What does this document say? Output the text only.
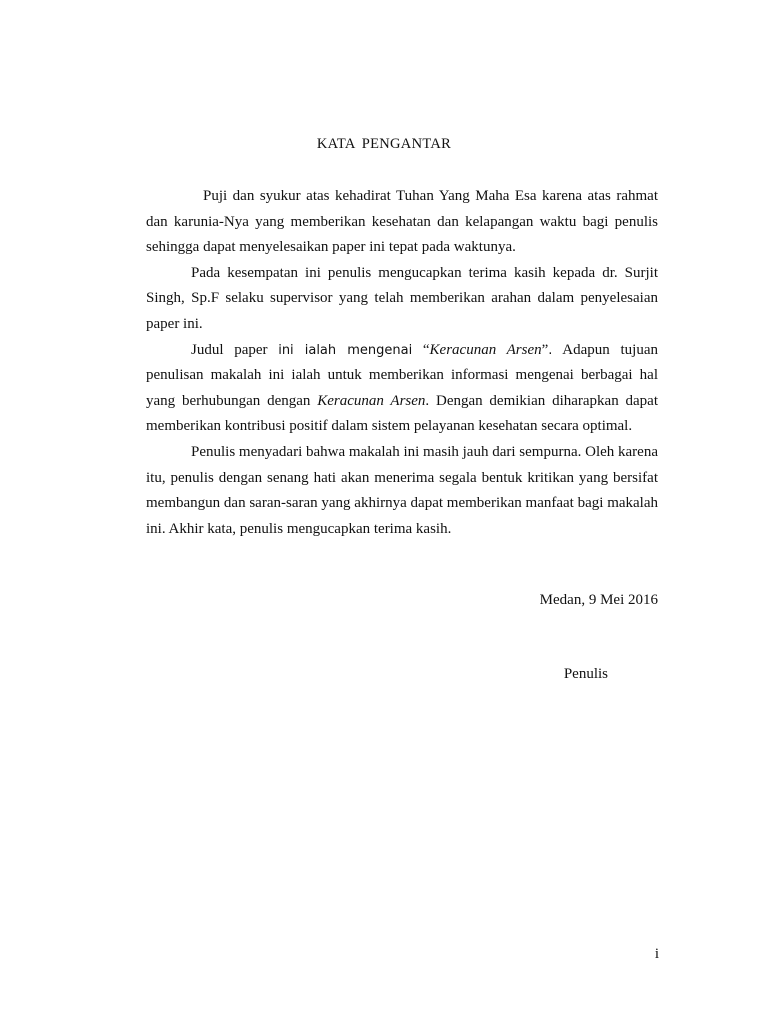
KATA PENGANTAR

Puji dan syukur atas kehadirat Tuhan Yang Maha Esa karena atas rahmat dan karunia-Nya yang memberikan kesehatan dan kelapangan waktu bagi penulis sehingga dapat menyelesaikan paper ini tepat pada waktunya.

Pada kesempatan ini penulis mengucapkan terima kasih kepada dr. Surjit Singh, Sp.F selaku supervisor yang telah memberikan arahan dalam penyelesaian paper ini.

Judul paper ini ialah mengenai “Keracunan Arsen”. Adapun tujuan penulisan makalah ini ialah untuk memberikan informasi mengenai berbagai hal yang berhubungan dengan Keracunan Arsen. Dengan demikian diharapkan dapat memberikan kontribusi positif dalam sistem pelayanan kesehatan secara optimal.

Penulis menyadari bahwa makalah ini masih jauh dari sempurna. Oleh karena itu, penulis dengan senang hati akan menerima segala bentuk kritikan yang bersifat membangun dan saran-saran yang akhirnya dapat memberikan manfaat bagi makalah ini. Akhir kata, penulis mengucapkan terima kasih.

Medan, 9 Mei 2016
Penulis
i
